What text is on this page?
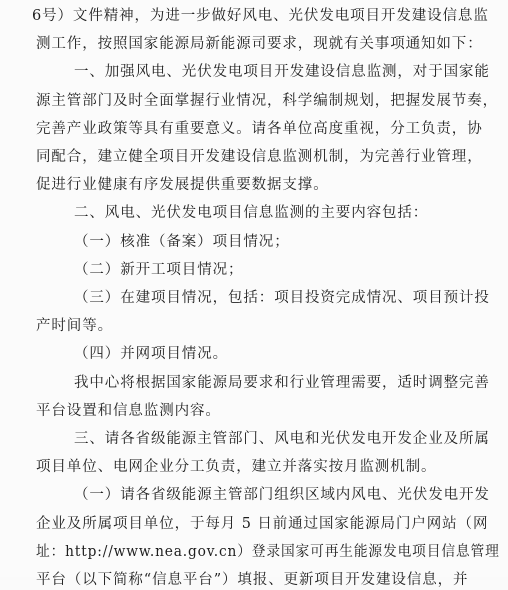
6号）文件精神，为进一步做好风电、光伏发电项目开发建设信息监
测工作，按照国家能源局新能源司要求，现就有关事项通知如下：
一、加强风电、光伏发电项目开发建设信息监测，对于国家能
源主管部门及时全面掌握行业情况，科学编制规划，把握发展节奏，
完善产业政策等具有重要意义。请各单位高度重视，分工负责，协
同配合，建立健全项目开发建设信息监测机制，为完善行业管理，
促进行业健康有序发展提供重要数据支撑。
二、风电、光伏发电项目信息监测的主要内容包括：
（一）核准（备案）项目情况；
（二）新开工项目情况；
（三）在建项目情况，包括：项目投资完成情况、项目预计投
产时间等。
（四）并网项目情况。
我中心将根据国家能源局要求和行业管理需要，适时调整完善
平台设置和信息监测内容。
三、请各省级能源主管部门、风电和光伏发电开发企业及所属
项目单位、电网企业分工负责，建立并落实按月监测机制。
（一）请各省级能源主管部门组织区域内风电、光伏发电开发
企业及所属项目单位，于每月 5 日前通过国家能源局门户网站（网
址：http://www.nea.gov.cn）登录国家可再生能源发电项目信息管理
平台（以下简称“信息平台”）填报、更新项目开发建设信息，并
